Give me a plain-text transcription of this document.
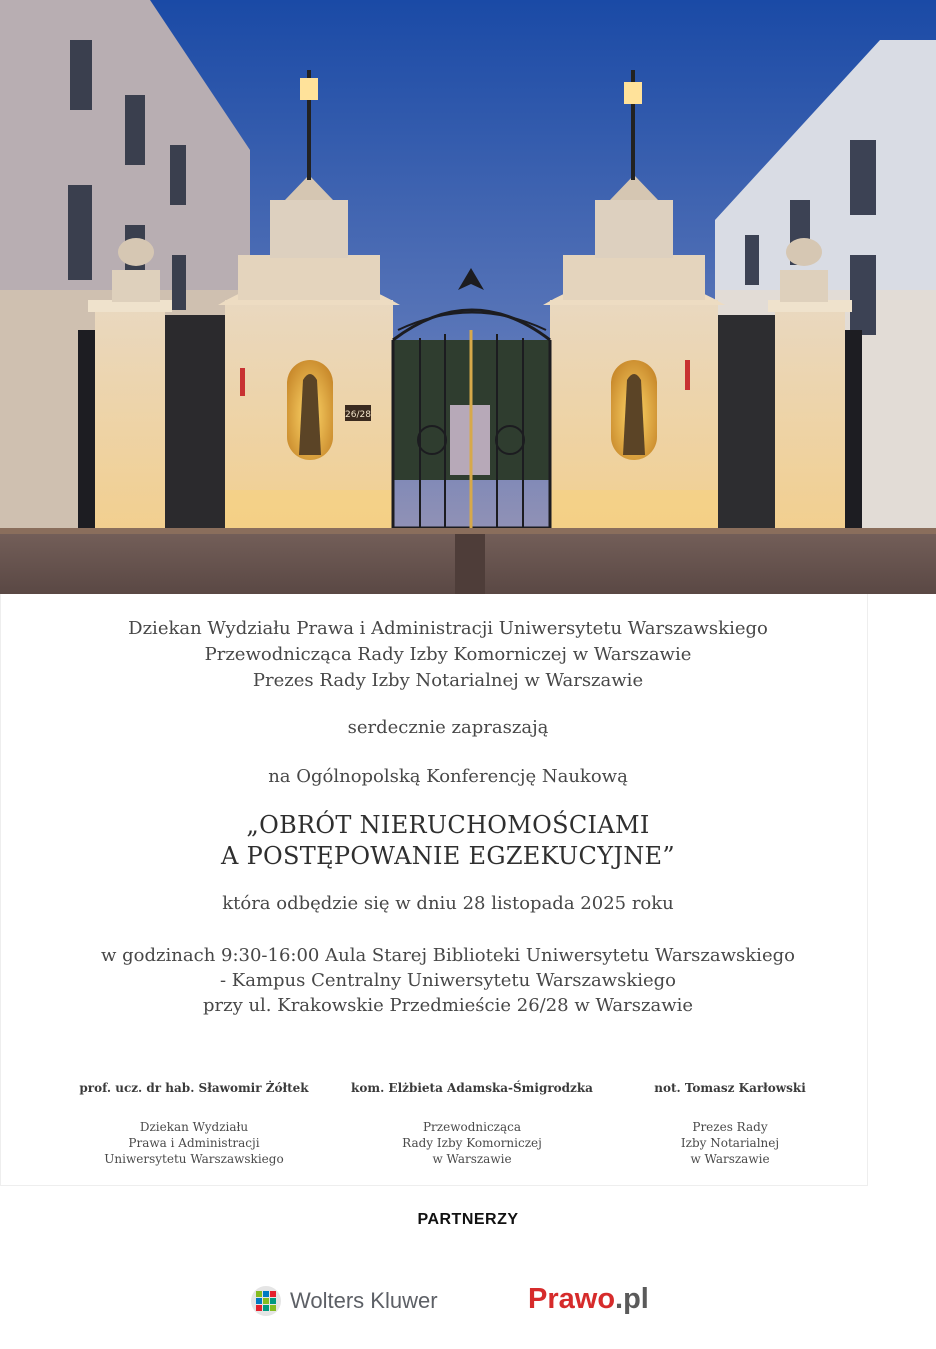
26/28
Dziekan Wydziału Prawa i Administracji Uniwersytetu Warszawskiego
Przewodnicząca Rady Izby Komorniczej w Warszawie
Prezes Rady Izby Notarialnej w Warszawie
serdecznie zapraszają
na Ogólnopolską Konferencję Naukową
„OBRÓT NIERUCHOMOŚCIAMI
A POSTĘPOWANIE EGZEKUCYJNE”
która odbędzie się w dniu 28 listopada 2025 roku
w godzinach 9:30-16:00 Aula Starej Biblioteki Uniwersytetu Warszawskiego
- Kampus Centralny Uniwersytetu Warszawskiego
przy ul. Krakowskie Przedmieście 26/28 w Warszawie
prof. ucz. dr hab. Sławomir Żółtek
Dziekan Wydziału
Prawa i Administracji
Uniwersytetu Warszawskiego
kom. Elżbieta Adamska-Śmigrodzka
Przewodnicząca
Rady Izby Komorniczej
w Warszawie
not. Tomasz Karłowski
Prezes Rady
Izby Notarialnej
w Warszawie
PARTNERZY
Wolters Kluwer	Prawo.pl
